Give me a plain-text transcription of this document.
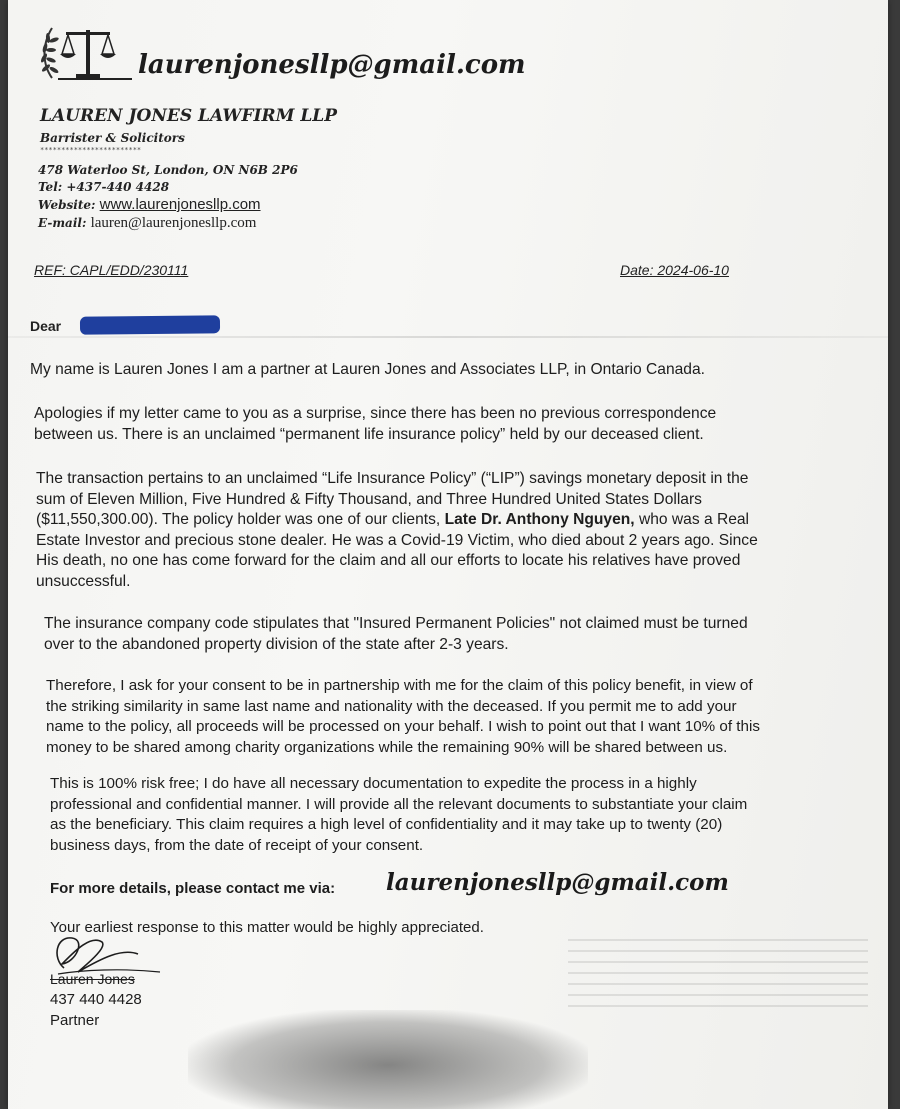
laurenjonesllp@gmail.com
LAUREN JONES LAWFIRM LLP
Barrister & Solicitors
************************
478 Waterloo St, London, ON N6B 2P6
Tel: +437-440 4428
Website: www.laurenjonesllp.com
E-mail: lauren@laurenjonesllp.com
REF: CAPL/EDD/230111	Date: 2024-06-10
Dear
My name is Lauren Jones I am a partner at Lauren Jones and Associates LLP, in Ontario Canada.
Apologies if my letter came to you as a surprise, since there has been no previous correspondence
between us. There is an unclaimed “permanent life insurance policy” held by our deceased client.
The transaction pertains to an unclaimed “Life Insurance Policy” (“LIP”) savings monetary deposit in the
sum of Eleven Million, Five Hundred & Fifty Thousand, and Three Hundred United States Dollars
($11,550,300.00). The policy holder was one of our clients, Late Dr. Anthony Nguyen, who was a Real
Estate Investor and precious stone dealer. He was a Covid-19 Victim, who died about 2 years ago. Since
His death, no one has come forward for the claim and all our efforts to locate his relatives have proved
unsuccessful.
The insurance company code stipulates that "Insured Permanent Policies" not claimed must be turned
over to the abandoned property division of the state after 2-3 years.
Therefore, I ask for your consent to be in partnership with me for the claim of this policy benefit, in view of
the striking similarity in same last name and nationality with the deceased. If you permit me to add your
name to the policy, all proceeds will be processed on your behalf. I wish to point out that I want 10% of this
money to be shared among charity organizations while the remaining 90% will be shared between us.
This is 100% risk free; I do have all necessary documentation to expedite the process in a highly
professional and confidential manner. I will provide all the relevant documents to substantiate your claim
as the beneficiary. This claim requires a high level of confidentiality and it may take up to twenty (20)
business days, from the date of receipt of your consent.
For more details, please contact me via: laurenjonesllp@gmail.com
Your earliest response to this matter would be highly appreciated.
Lauren Jones
437 440 4428
Partner
